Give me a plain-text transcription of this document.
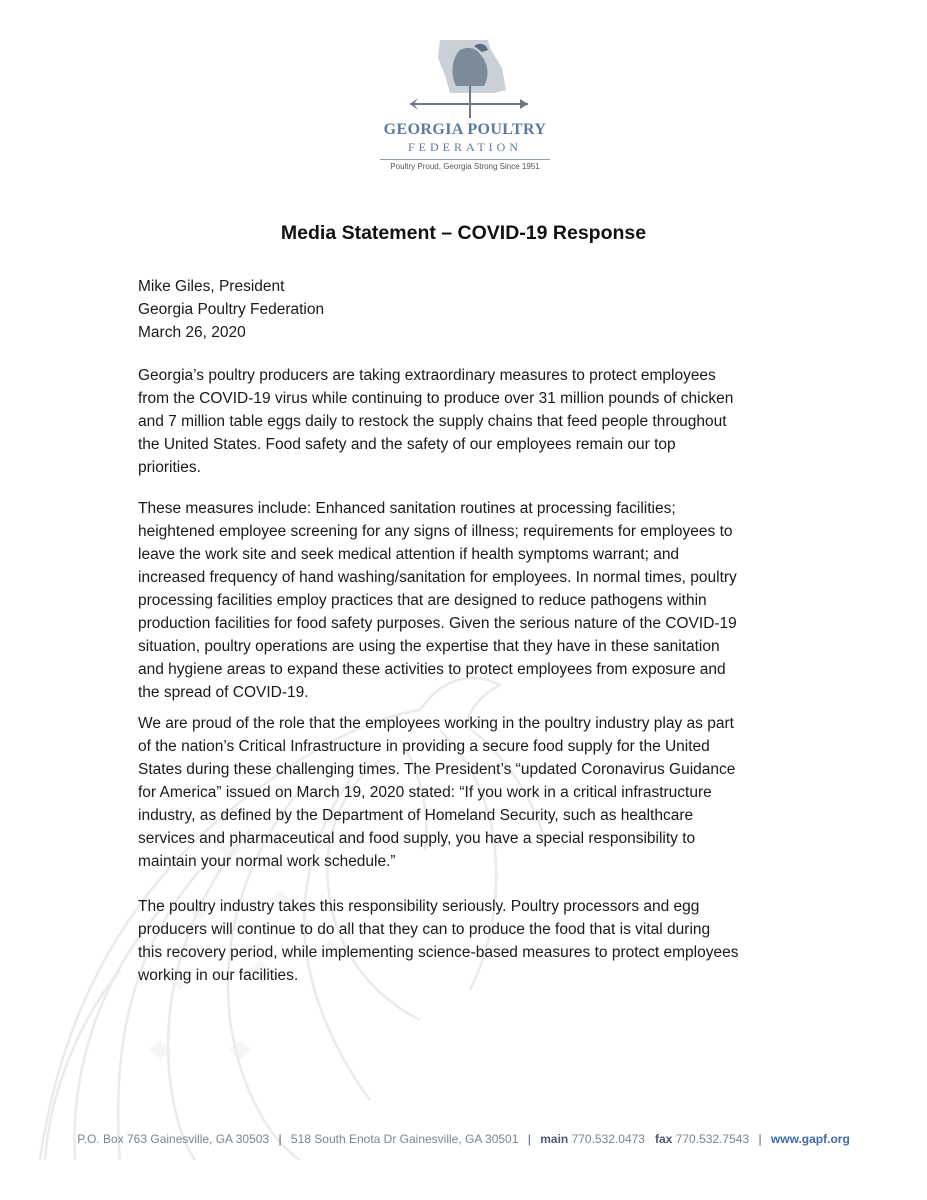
GEORGIA POULTRY
FEDERATION
Poultry Proud, Georgia Strong Since 1951
Media Statement – COVID-19 Response
Mike Giles, President
Georgia Poultry Federation
March 26, 2020

Georgia’s poultry producers are taking extraordinary measures to protect employees
from the COVID-19 virus while continuing to produce over 31 million pounds of chicken
and 7 million table eggs daily to restock the supply chains that feed people throughout
the United States. Food safety and the safety of our employees remain our top
priorities.

These measures include: Enhanced sanitation routines at processing facilities;
heightened employee screening for any signs of illness; requirements for employees to
leave the work site and seek medical attention if health symptoms warrant; and
increased frequency of hand washing/sanitation for employees. In normal times, poultry
processing facilities employ practices that are designed to reduce pathogens within
production facilities for food safety purposes. Given the serious nature of the COVID-19
situation, poultry operations are using the expertise that they have in these sanitation
and hygiene areas to expand these activities to protect employees from exposure and
the spread of COVID-19.

We are proud of the role that the employees working in the poultry industry play as part
of the nation’s Critical Infrastructure in providing a secure food supply for the United
States during these challenging times. The President’s “updated Coronavirus Guidance
for America” issued on March 19, 2020 stated: “If you work in a critical infrastructure
industry, as defined by the Department of Homeland Security, such as healthcare
services and pharmaceutical and food supply, you have a special responsibility to
maintain your normal work schedule.”

The poultry industry takes this responsibility seriously. Poultry processors and egg
producers will continue to do all that they can to produce the food that is vital during
this recovery period, while implementing science-based measures to protect employees
working in our facilities.

P.O. Box 763 Gainesville, GA 30503 | 518 South Enota Dr Gainesville, GA 30501 | main 770.532.0473 fax 770.532.7543 | www.gapf.org
